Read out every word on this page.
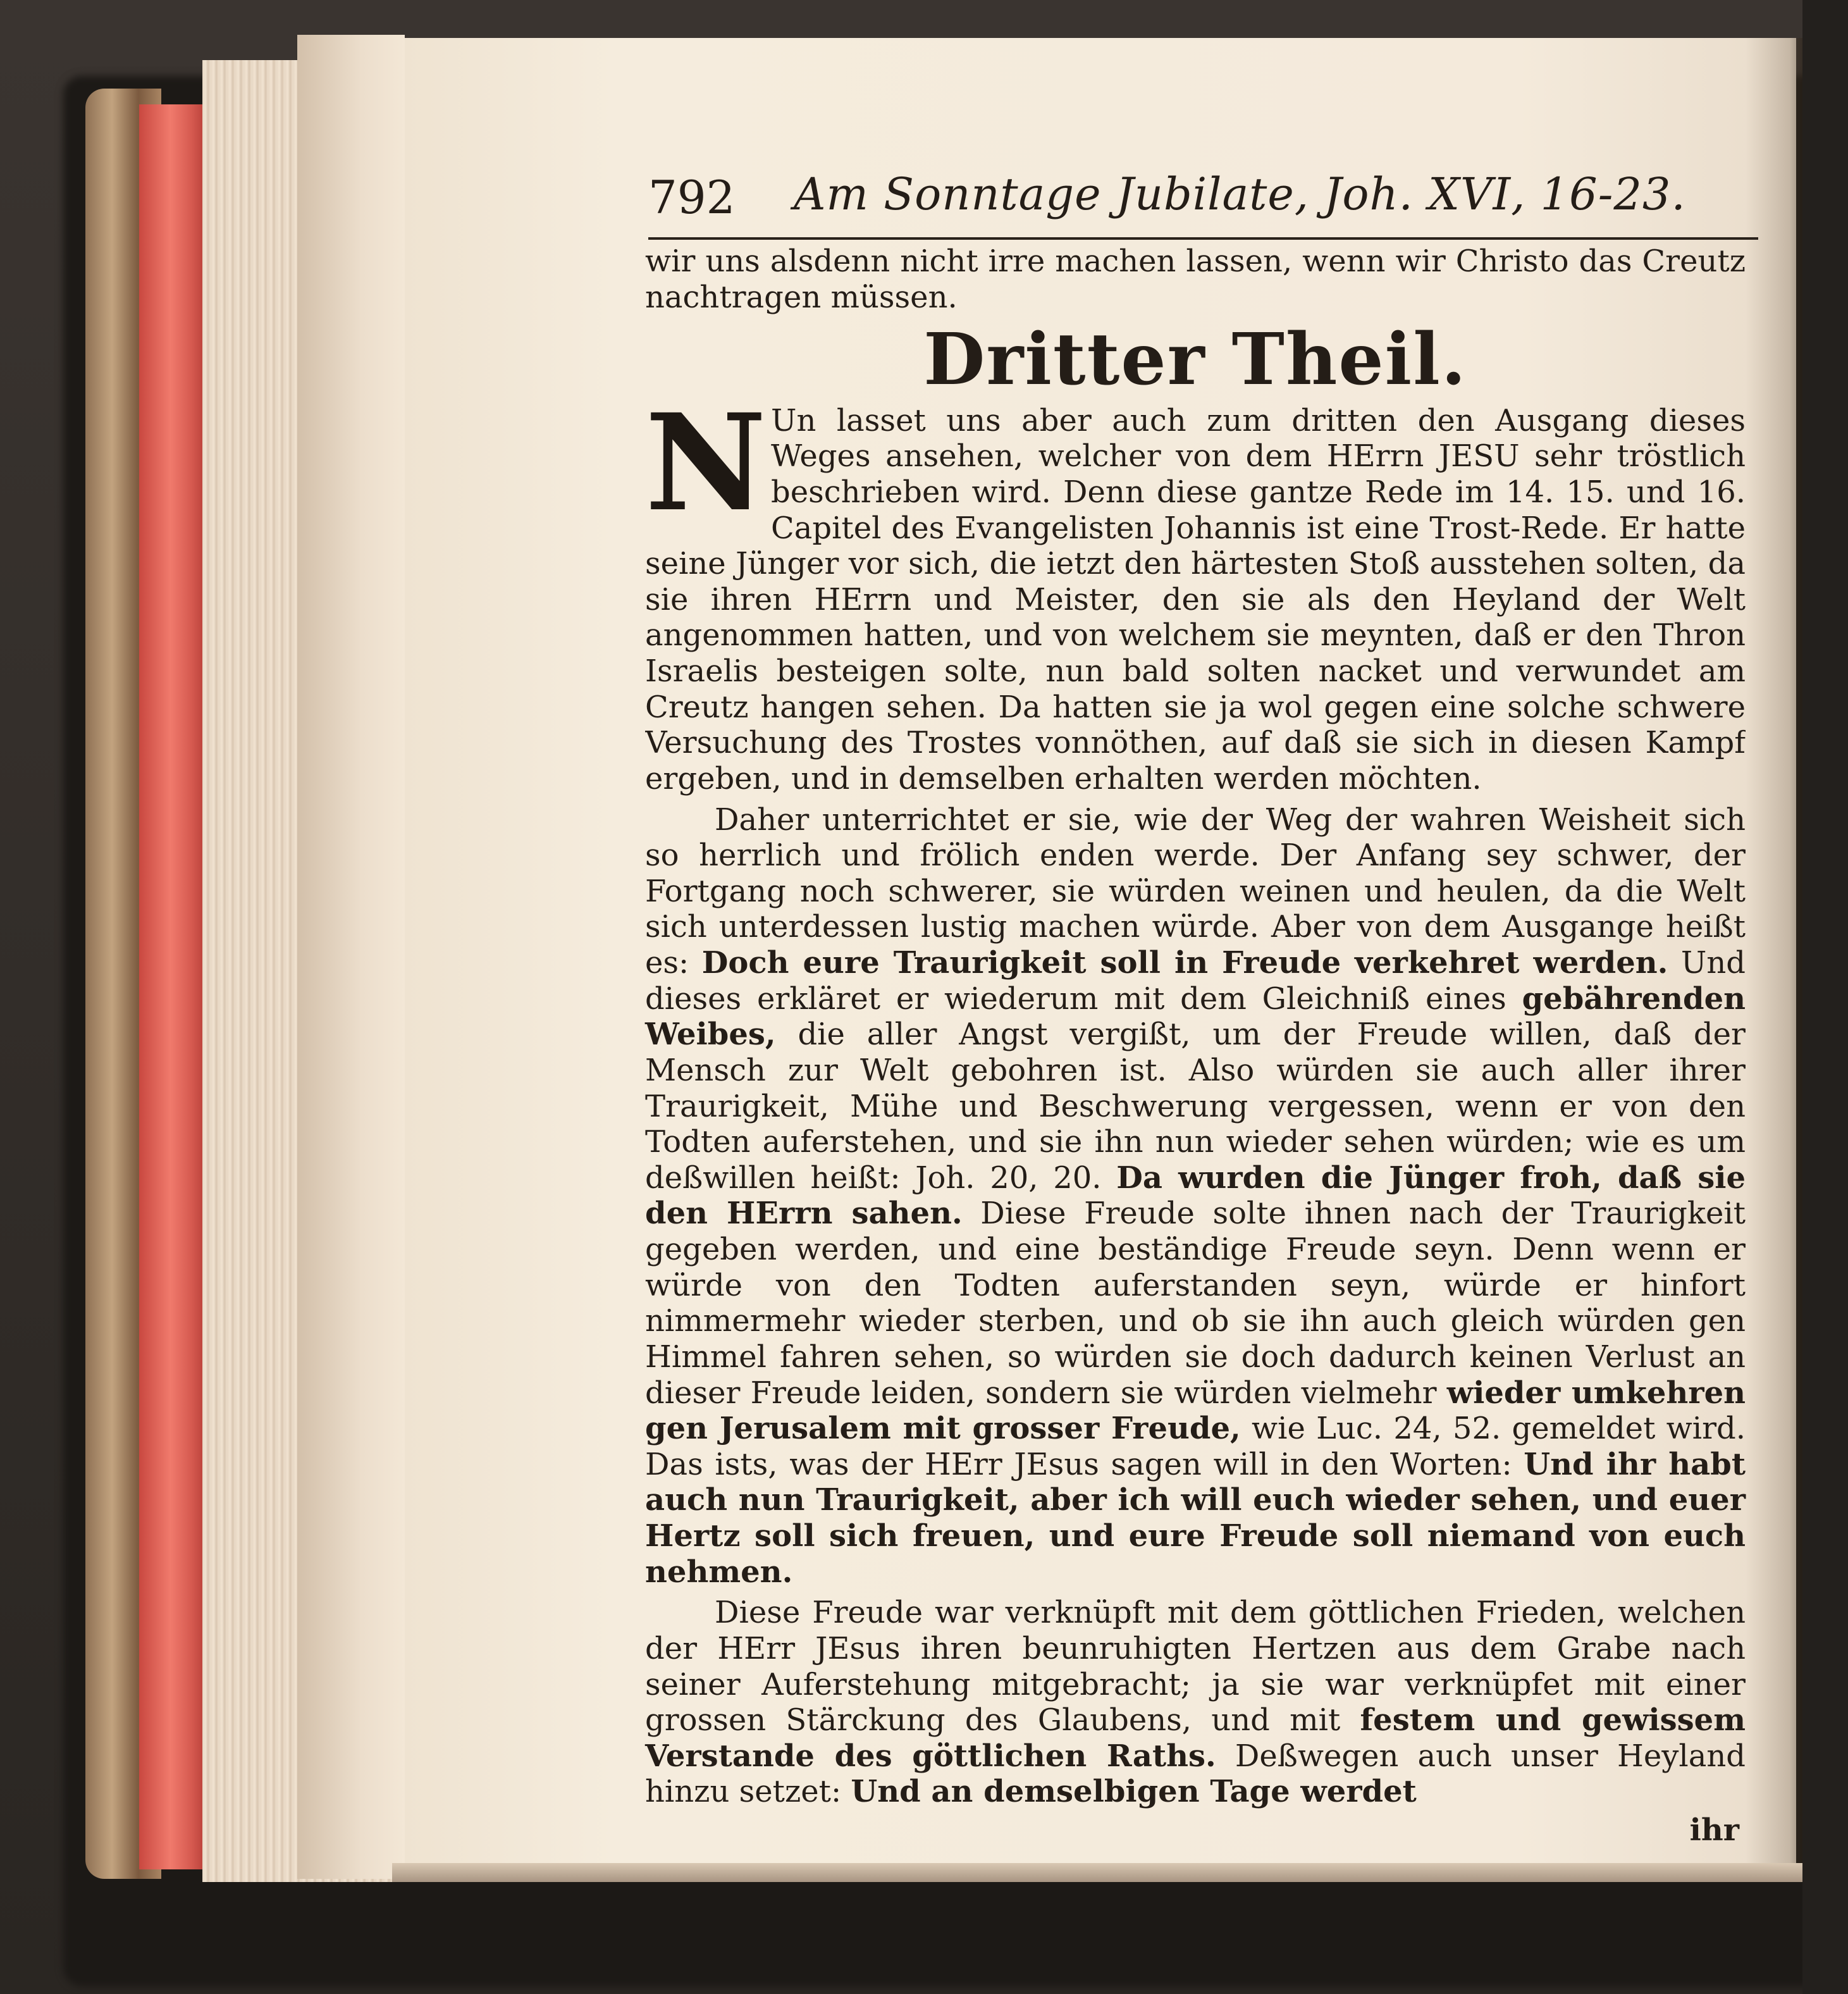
792 Am Sonntage Jubilate, Joh. XVI, 16-23.

wir uns alsdenn nicht irre machen lassen, wenn wir Christo das Creutz nachtragen müssen.

Dritter Theil.

N Un lasset uns aber auch zum dritten den Ausgang dieses Weges ansehen, welcher von dem HErrn JESU sehr tröstlich beschrieben wird. Denn diese gantze Rede im 14. 15. und 16. Capitel des Evangelisten Johannis ist eine Trost-Rede. Er hatte seine Jünger vor sich, die ietzt den härtesten Stoß ausstehen solten, da sie ihren HErrn und Meister, den sie als den Heyland der Welt angenommen hatten, und von welchem sie meynten, daß er den Thron Israelis besteigen solte, nun bald solten nacket und verwundet am Creutz hangen sehen. Da hatten sie ja wol gegen eine solche schwere Versuchung des Trostes vonnöthen, auf daß sie sich in diesen Kampf ergeben, und in demselben erhalten werden möchten.

Daher unterrichtet er sie, wie der Weg der wahren Weisheit sich so herrlich und frölich enden werde. Der Anfang sey schwer, der Fortgang noch schwerer, sie würden weinen und heulen, da die Welt sich unterdessen lustig machen würde. Aber von dem Ausgange heißt es: Doch eure Traurigkeit soll in Freude verkehret werden. Und dieses erkläret er wiederum mit dem Gleichniß eines gebährenden Weibes, die aller Angst vergißt, um der Freude willen, daß der Mensch zur Welt gebohren ist. Also würden sie auch aller ihrer Traurigkeit, Mühe und Beschwerung vergessen, wenn er von den Todten auferstehen, und sie ihn nun wieder sehen würden; wie es um deßwillen heißt: Joh. 20, 20. Da wurden die Jünger froh, daß sie den HErrn sahen. Diese Freude solte ihnen nach der Traurigkeit gegeben werden, und eine beständige Freude seyn. Denn wenn er würde von den Todten auferstanden seyn, würde er hinfort nimmermehr wieder sterben, und ob sie ihn auch gleich würden gen Himmel fahren sehen, so würden sie doch dadurch keinen Verlust an dieser Freude leiden, sondern sie würden vielmehr wieder umkehren gen Jerusalem mit grosser Freude, wie Luc. 24, 52. gemeldet wird. Das ists, was der HErr JEsus sagen will in den Worten: Und ihr habt auch nun Traurigkeit, aber ich will euch wieder sehen, und euer Hertz soll sich freuen, und eure Freude soll niemand von euch nehmen.

Diese Freude war verknüpft mit dem göttlichen Frieden, welchen der HErr JEsus ihren beunruhigten Hertzen aus dem Grabe nach seiner Auferstehung mitgebracht; ja sie war verknüpfet mit einer grossen Stärckung des Glaubens, und mit festem und gewissem Verstande des göttlichen Raths. Deßwegen auch unser Heyland hinzu setzet: Und an demselbigen Tage werdet

ihr
